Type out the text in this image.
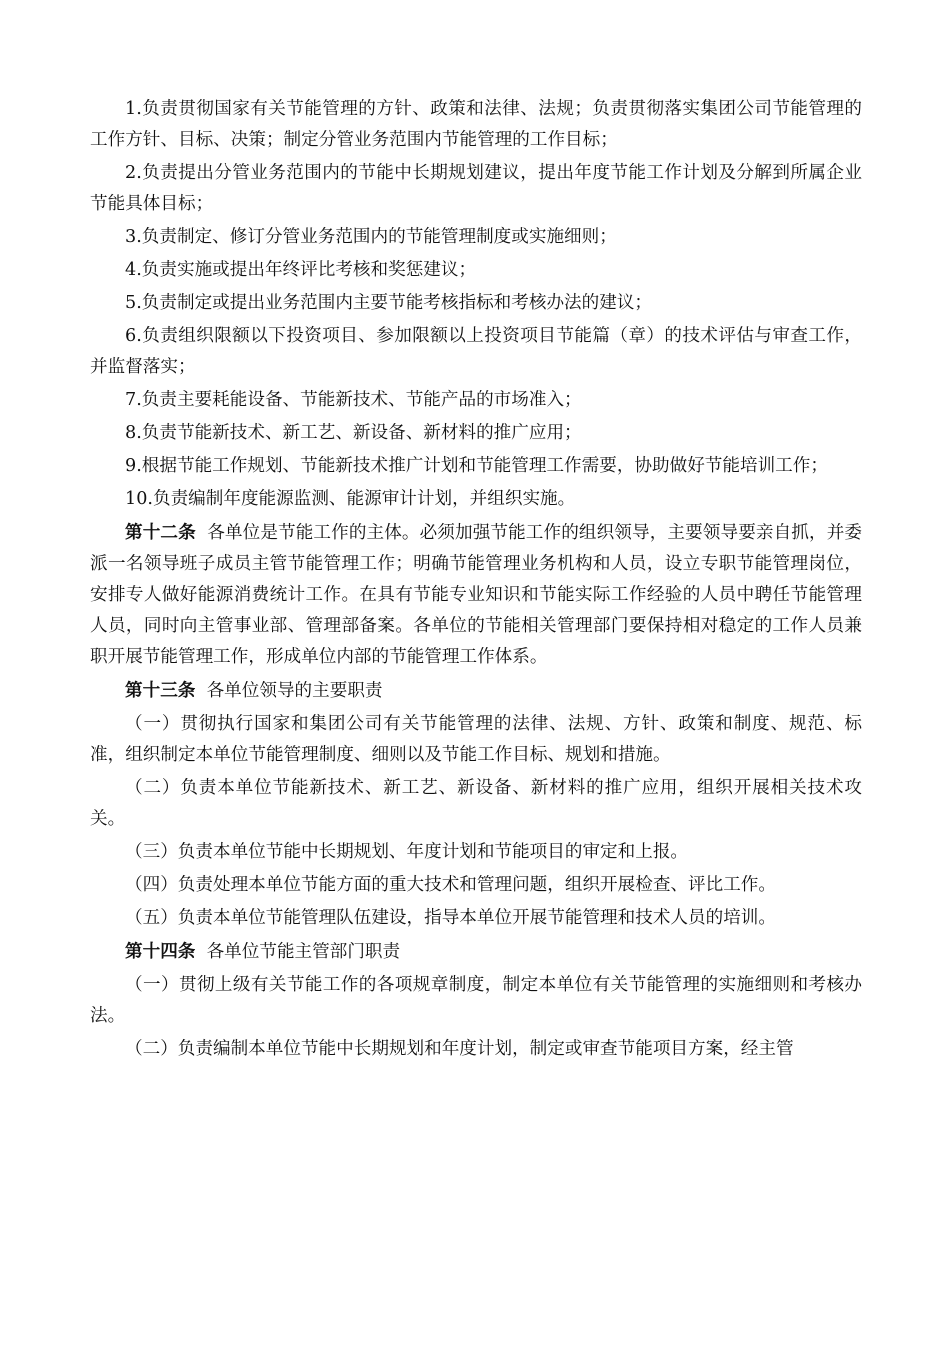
1.负责贯彻国家有关节能管理的方针、政策和法律、法规；负责贯彻落实集团公司节能管理的工作方针、目标、决策；制定分管业务范围内节能管理的工作目标；

2.负责提出分管业务范围内的节能中长期规划建议，提出年度节能工作计划及分解到所属企业节能具体目标；

3.负责制定、修订分管业务范围内的节能管理制度或实施细则；

4.负责实施或提出年终评比考核和奖惩建议；

5.负责制定或提出业务范围内主要节能考核指标和考核办法的建议；

6.负责组织限额以下投资项目、参加限额以上投资项目节能篇（章）的技术评估与审查工作，并监督落实；

7.负责主要耗能设备、节能新技术、节能产品的市场准入；

8.负责节能新技术、新工艺、新设备、新材料的推广应用；

9.根据节能工作规划、节能新技术推广计划和节能管理工作需要，协助做好节能培训工作；

10.负责编制年度能源监测、能源审计计划，并组织实施。

第十二条 各单位是节能工作的主体。必须加强节能工作的组织领导，主要领导要亲自抓，并委派一名领导班子成员主管节能管理工作；明确节能管理业务机构和人员，设立专职节能管理岗位，安排专人做好能源消费统计工作。在具有节能专业知识和节能实际工作经验的人员中聘任节能管理人员，同时向主管事业部、管理部备案。各单位的节能相关管理部门要保持相对稳定的工作人员兼职开展节能管理工作，形成单位内部的节能管理工作体系。

第十三条 各单位领导的主要职责

（一）贯彻执行国家和集团公司有关节能管理的法律、法规、方针、政策和制度、规范、标准，组织制定本单位节能管理制度、细则以及节能工作目标、规划和措施。

（二）负责本单位节能新技术、新工艺、新设备、新材料的推广应用，组织开展相关技术攻关。

（三）负责本单位节能中长期规划、年度计划和节能项目的审定和上报。

（四）负责处理本单位节能方面的重大技术和管理问题，组织开展检查、评比工作。

（五）负责本单位节能管理队伍建设，指导本单位开展节能管理和技术人员的培训。

第十四条 各单位节能主管部门职责

（一）贯彻上级有关节能工作的各项规章制度，制定本单位有关节能管理的实施细则和考核办法。

（二）负责编制本单位节能中长期规划和年度计划，制定或审查节能项目方案，经主管
